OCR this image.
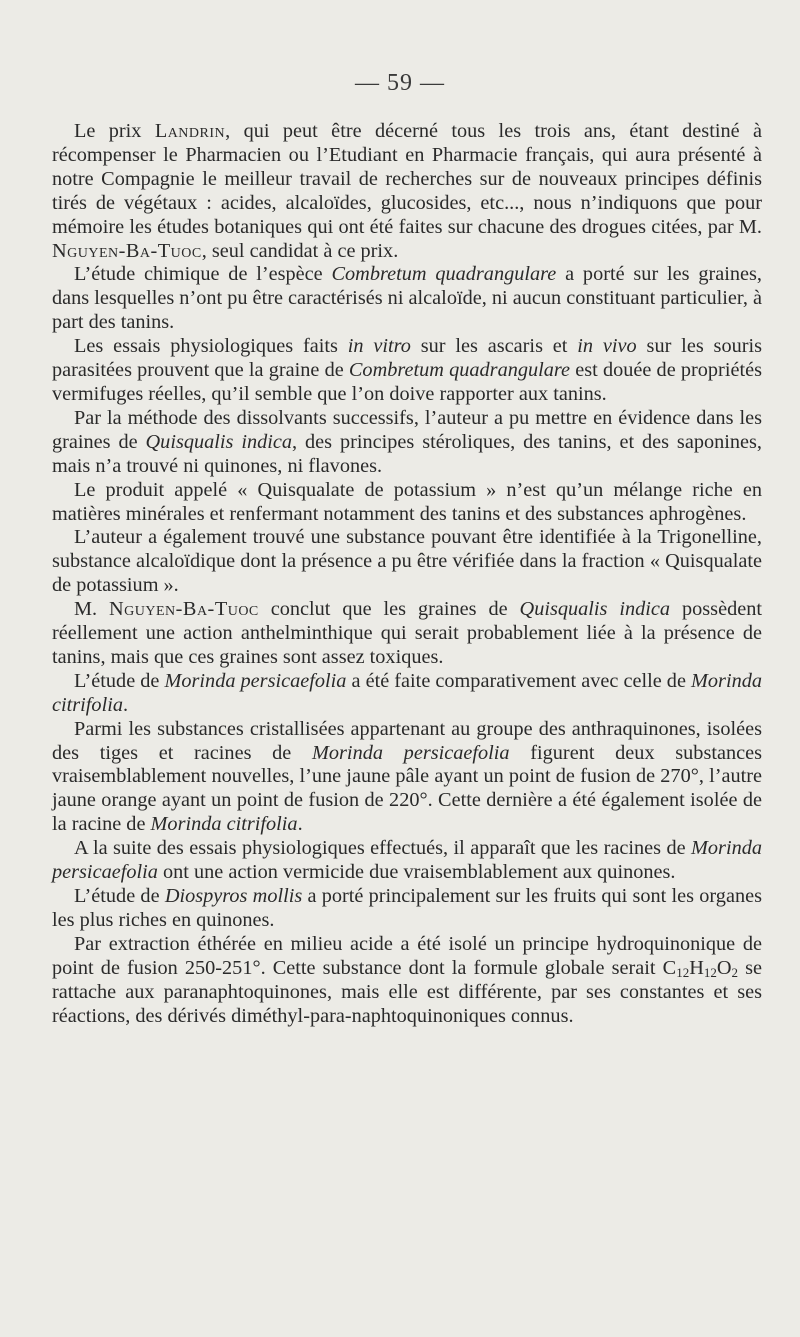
— 59 —

Le prix Landrin, qui peut être décerné tous les trois ans, étant destiné à récompenser le Pharmacien ou l’Etudiant en Pharmacie français, qui aura présenté à notre Compagnie le meilleur travail de recherches sur de nouveaux principes définis tirés de végétaux : acides, alcaloïdes, glucosides, etc..., nous n’indiquons que pour mémoire les études botaniques qui ont été faites sur chacune des drogues citées, par M. Nguyen-Ba-Tuoc, seul candidat à ce prix.

L’étude chimique de l’espèce Combretum quadrangulare a porté sur les graines, dans lesquelles n’ont pu être caractérisés ni alcaloïde, ni aucun constituant particulier, à part des tanins.

Les essais physiologiques faits in vitro sur les ascaris et in vivo sur les souris parasitées prouvent que la graine de Combretum quadrangulare est douée de propriétés vermifuges réelles, qu’il semble que l’on doive rapporter aux tanins.

Par la méthode des dissolvants successifs, l’auteur a pu mettre en évidence dans les graines de Quisqualis indica, des principes stéroliques, des tanins, et des saponines, mais n’a trouvé ni quinones, ni flavones.

Le produit appelé « Quisqualate de potassium » n’est qu’un mélange riche en matières minérales et renfermant notamment des tanins et des substances aphrogènes.

L’auteur a également trouvé une substance pouvant être identifiée à la Trigonelline, substance alcaloïdique dont la présence a pu être vérifiée dans la fraction « Quisqualate de potassium ».

M. Nguyen-Ba-Tuoc conclut que les graines de Quisqualis indica possèdent réellement une action anthelminthique qui serait probablement liée à la présence de tanins, mais que ces graines sont assez toxiques.

L’étude de Morinda persicaefolia a été faite comparativement avec celle de Morinda citrifolia.

Parmi les substances cristallisées appartenant au groupe des anthraquinones, isolées des tiges et racines de Morinda persicaefolia figurent deux substances vraisemblablement nouvelles, l’une jaune pâle ayant un point de fusion de 270°, l’autre jaune orange ayant un point de fusion de 220°. Cette dernière a été également isolée de la racine de Morinda citrifolia.

A la suite des essais physiologiques effectués, il apparaît que les racines de Morinda persicaefolia ont une action vermicide due vraisemblablement aux quinones.

L’étude de Diospyros mollis a porté principalement sur les fruits qui sont les organes les plus riches en quinones.

Par extraction éthérée en milieu acide a été isolé un principe hydroquinonique de point de fusion 250-251°. Cette substance dont la formule globale serait $C_{12}H_{12}O_2$ se rattache aux paranaphtoquinones, mais elle est différente, par ses constantes et ses réactions, des dérivés diméthyl-para-naphtoquinoniques connus.
